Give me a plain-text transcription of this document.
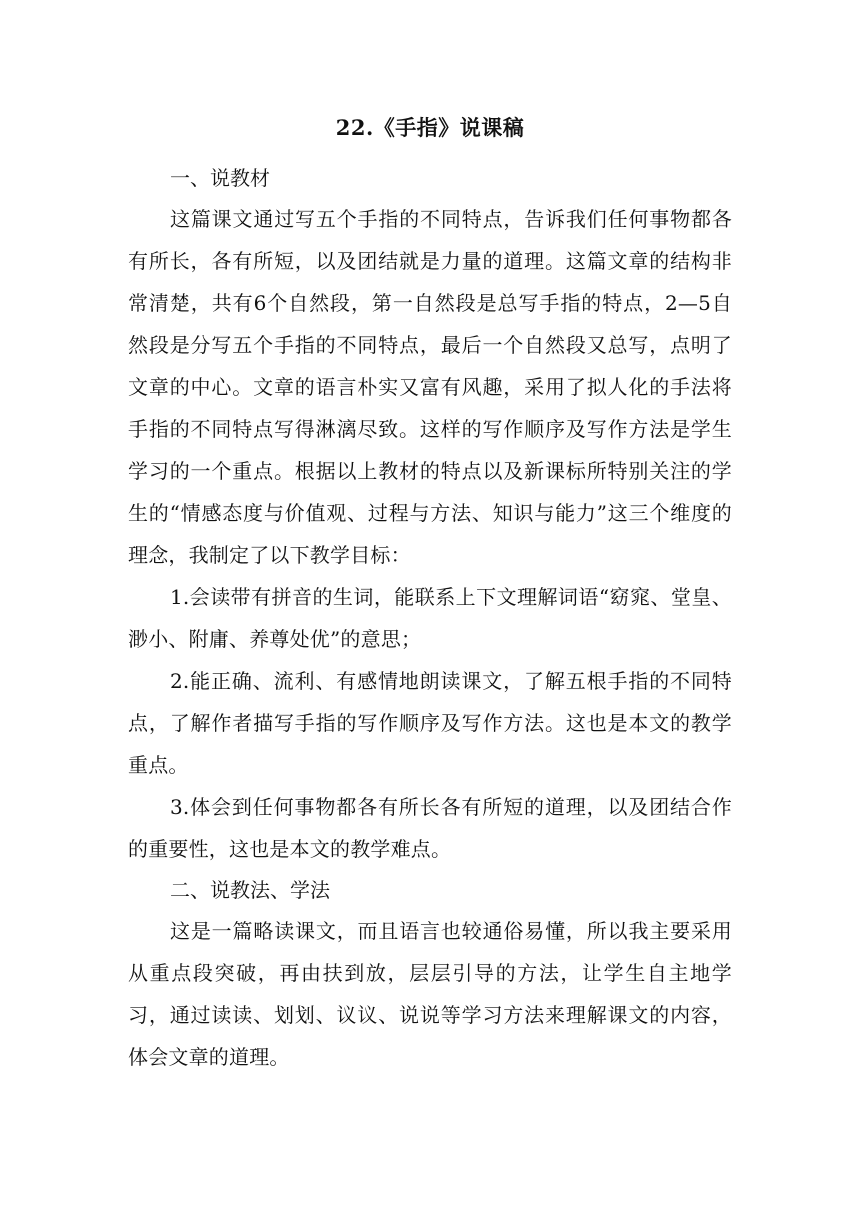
22.《手指》说课稿

一、说教材

这篇课文通过写五个手指的不同特点，告诉我们任何事物都各有所长，各有所短，以及团结就是力量的道理。这篇文章的结构非常清楚，共有6个自然段，第一自然段是总写手指的特点，2—5自然段是分写五个手指的不同特点，最后一个自然段又总写，点明了文章的中心。文章的语言朴实又富有风趣，采用了拟人化的手法将手指的不同特点写得淋漓尽致。这样的写作顺序及写作方法是学生学习的一个重点。根据以上教材的特点以及新课标所特别关注的学生的“情感态度与价值观、过程与方法、知识与能力”这三个维度的理念，我制定了以下教学目标：

1.会读带有拼音的生词，能联系上下文理解词语“窈窕、堂皇、渺小、附庸、养尊处优”的意思；

2.能正确、流利、有感情地朗读课文，了解五根手指的不同特点，了解作者描写手指的写作顺序及写作方法。这也是本文的教学重点。

3.体会到任何事物都各有所长各有所短的道理，以及团结合作的重要性，这也是本文的教学难点。

二、说教法、学法

这是一篇略读课文，而且语言也较通俗易懂，所以我主要采用从重点段突破，再由扶到放，层层引导的方法，让学生自主地学习，通过读读、划划、议议、说说等学习方法来理解课文的内容，体会文章的道理。
